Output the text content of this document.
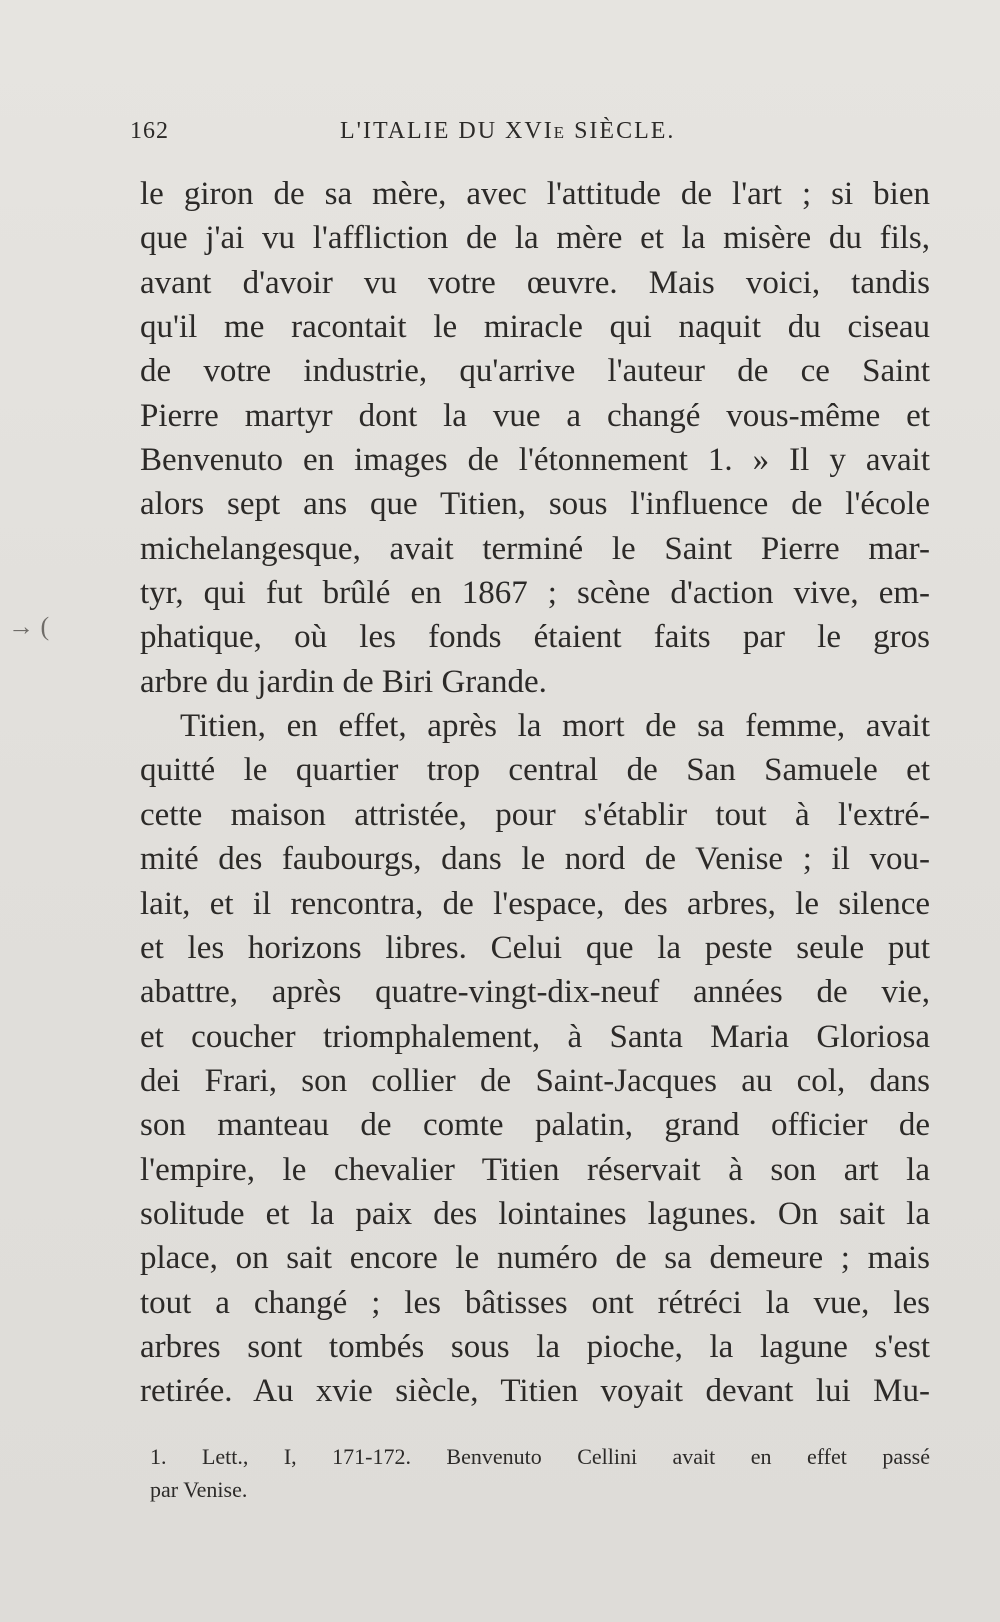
162	L'ITALIE DU XVIe SIÈCLE.
→ (
le giron de sa mère, avec l'attitude de l'art ; si bien
que j'ai vu l'affliction de la mère et la misère du fils,
avant d'avoir vu votre œuvre. Mais voici, tandis
qu'il me racontait le miracle qui naquit du ciseau
de votre industrie, qu'arrive l'auteur de ce Saint
Pierre martyr dont la vue a changé vous-même et
Benvenuto en images de l'étonnement 1. » Il y avait
alors sept ans que Titien, sous l'influence de l'école
michelangesque, avait terminé le Saint Pierre mar-
tyr, qui fut brûlé en 1867 ; scène d'action vive, em-
phatique, où les fonds étaient faits par le gros
arbre du jardin de Biri Grande.
Titien, en effet, après la mort de sa femme, avait
quitté le quartier trop central de San Samuele et
cette maison attristée, pour s'établir tout à l'extré-
mité des faubourgs, dans le nord de Venise ; il vou-
lait, et il rencontra, de l'espace, des arbres, le silence
et les horizons libres. Celui que la peste seule put
abattre, après quatre-vingt-dix-neuf années de vie,
et coucher triomphalement, à Santa Maria Gloriosa
dei Frari, son collier de Saint-Jacques au col, dans
son manteau de comte palatin, grand officier de
l'empire, le chevalier Titien réservait à son art la
solitude et la paix des lointaines lagunes. On sait la
place, on sait encore le numéro de sa demeure ; mais
tout a changé ; les bâtisses ont rétréci la vue, les
arbres sont tombés sous la pioche, la lagune s'est
retirée. Au xvie siècle, Titien voyait devant lui Mu-
1. Lett., I, 171-172. Benvenuto Cellini avait en effet passé
par Venise.
